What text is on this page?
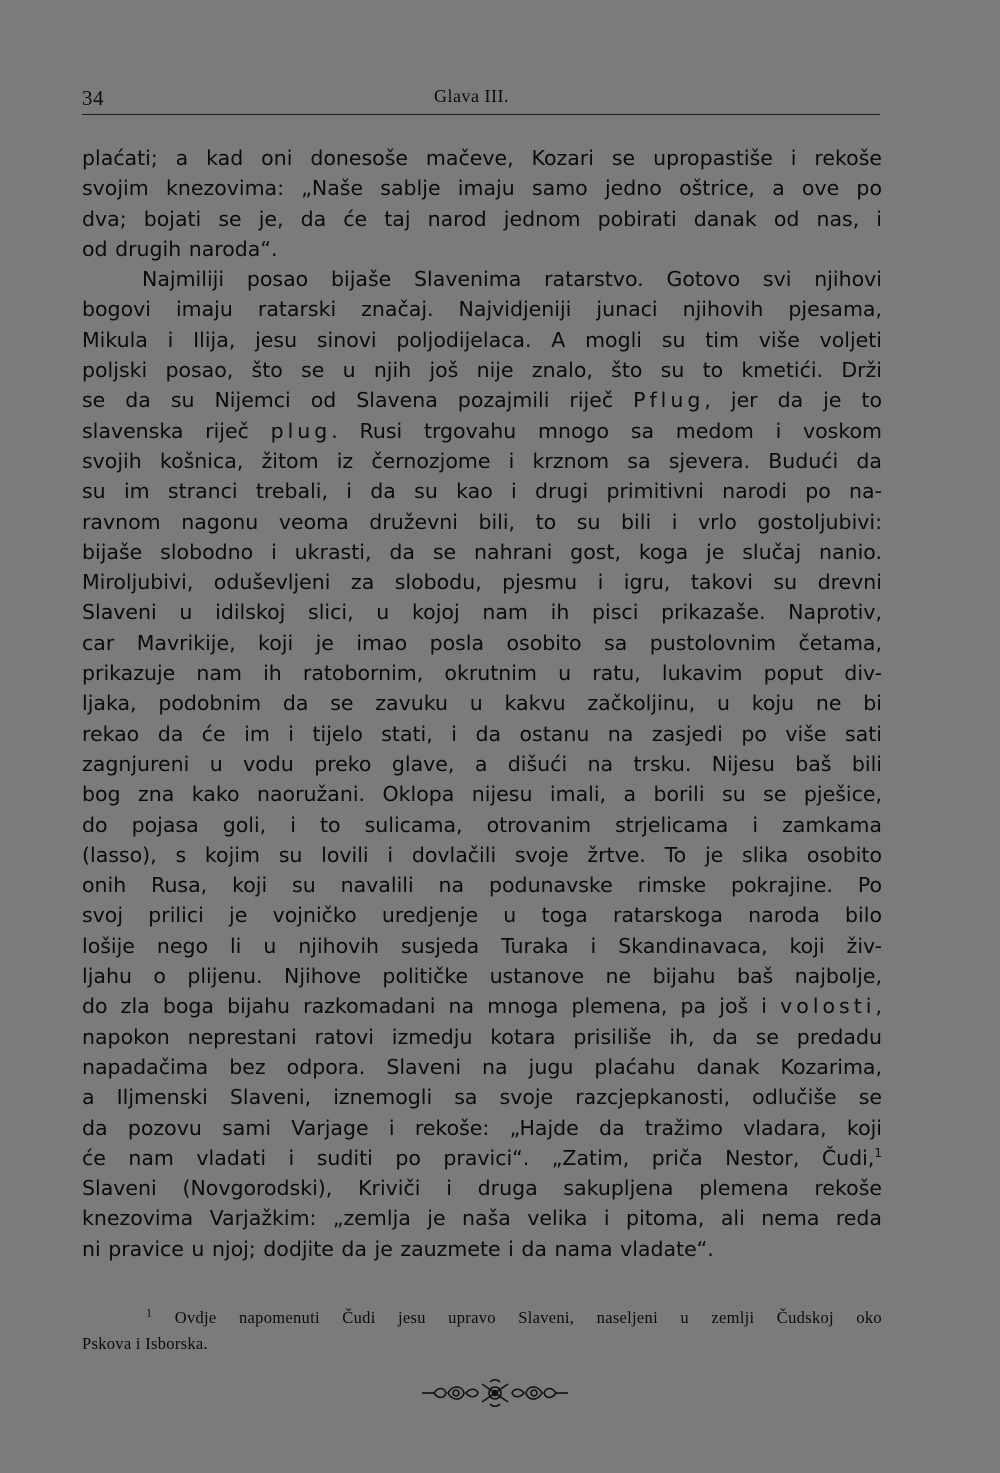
34	Glava III.
plaćati; a kad oni donesoše mačeve, Kozari se upropastiše i rekoše
svojim knezovima: „Naše sablje imaju samo jedno oštrice, a ove po
dva; bojati se je, da će taj narod jednom pobirati danak od nas, i
od drugih naroda“.
Najmiliji posao bijaše Slavenima ratarstvo. Gotovo svi njihovi
bogovi imaju ratarski značaj. Najvidjeniji junaci njihovih pjesama,
Mikula i Ilija, jesu sinovi poljodijelaca. A mogli su tim više voljeti
poljski posao, što se u njih još nije znalo, što su to kmetići. Drži
se da su Nijemci od Slavena pozajmili riječ Pflug, jer da je to
slavenska riječ plug. Rusi trgovahu mnogo sa medom i voskom
svojih košnica, žitom iz černozjome i krznom sa sjevera. Budući da
su im stranci trebali, i da su kao i drugi primitivni narodi po na-
ravnom nagonu veoma druževni bili, to su bili i vrlo gostoljubivi:
bijaše slobodno i ukrasti, da se nahrani gost, koga je slučaj nanio.
Miroljubivi, oduševljeni za slobodu, pjesmu i igru, takovi su drevni
Slaveni u idilskoj slici, u kojoj nam ih pisci prikazaše. Naprotiv,
car Mavrikije, koji je imao posla osobito sa pustolovnim četama,
prikazuje nam ih ratobornim, okrutnim u ratu, lukavim poput div-
ljaka, podobnim da se zavuku u kakvu začkoljinu, u koju ne bi
rekao da će im i tijelo stati, i da ostanu na zasjedi po više sati
zagnjureni u vodu preko glave, a dišući na trsku. Nijesu baš bili
bog zna kako naoružani. Oklopa nijesu imali, a borili su se pješice,
do pojasa goli, i to sulicama, otrovanim strjelicama i zamkama
(lasso), s kojim su lovili i dovlačili svoje žrtve. To je slika osobito
onih Rusa, koji su navalili na podunavske rimske pokrajine. Po
svoj prilici je vojničko uredjenje u toga ratarskoga naroda bilo
lošije nego li u njihovih susjeda Turaka i Skandinavaca, koji živ-
ljahu o plijenu. Njihove političke ustanove ne bijahu baš najbolje,
do zla boga bijahu razkomadani na mnoga plemena, pa još i volosti,
napokon neprestani ratovi izmedju kotara prisiliše ih, da se predadu
napadačima bez odpora. Slaveni na jugu plaćahu danak Kozarima,
a Iljmenski Slaveni, iznemogli sa svoje razcjepkanosti, odlučiše se
da pozovu sami Varjage i rekoše: „Hajde da tražimo vladara, koji
će nam vladati i suditi po pravici“. „Zatim, priča Nestor, Čudi,$^1$
Slaveni (Novgorodski), Kriviči i druga sakupljena plemena rekoše
knezovima Varjažkim: „zemlja je naša velika i pitoma, ali nema reda
ni pravice u njoj; dodjite da je zauzmete i da nama vladate“.
$^1$ Ovdje napomenuti Čudi jesu upravo Slaveni, naseljeni u zemlji Čudskoj oko
Pskova i Isborska.
